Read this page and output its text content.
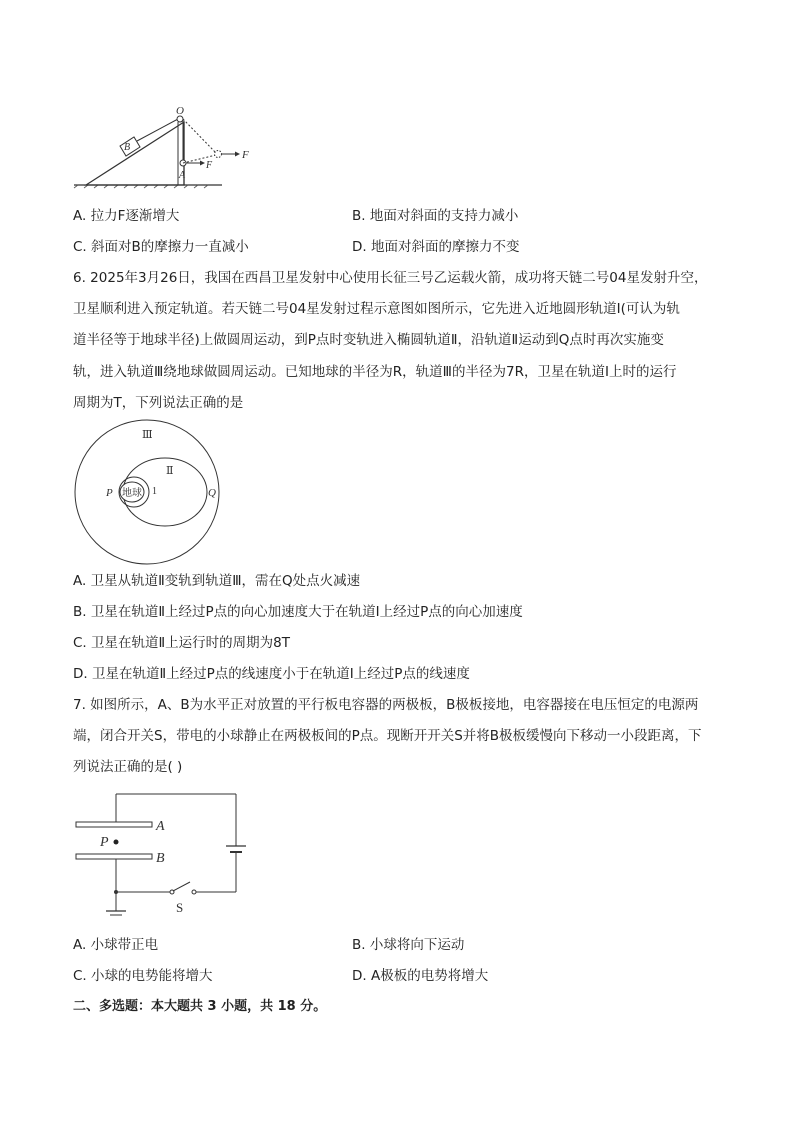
B
O
F
A
F
A. 拉力F逐渐增大	B. 地面对斜面的支持力减小
C. 斜面对B的摩擦力一直减小	D. 地面对斜面的摩擦力不变
6. 2025年3月26日，我国在西昌卫星发射中心使用长征三号乙运载火箭，成功将天链二号04星发射升空，
卫星顺利进入预定轨道。若天链二号04星发射过程示意图如图所示，它先进入近地圆形轨道Ⅰ(可认为轨
道半径等于地球半径)上做圆周运动，到P点时变轨进入椭圆轨道Ⅱ，沿轨道Ⅱ运动到Q点时再次实施变
轨，进入轨道Ⅲ绕地球做圆周运动。已知地球的半径为R，轨道Ⅲ的半径为7R，卫星在轨道Ⅰ上时的运行
周期为T，下列说法正确的是
地球
Ⅲ
Ⅱ
1
P	Q
A. 卫星从轨道Ⅱ变轨到轨道Ⅲ，需在Q处点火减速
B. 卫星在轨道Ⅱ上经过P点的向心加速度大于在轨道Ⅰ上经过P点的向心加速度
C. 卫星在轨道Ⅱ上运行时的周期为8T
D. 卫星在轨道Ⅱ上经过P点的线速度小于在轨道Ⅰ上经过P点的线速度
7. 如图所示，A、B为水平正对放置的平行板电容器的两极板，B极板接地，电容器接在电压恒定的电源两
端，闭合开关S，带电的小球静止在两极板间的P点。现断开开关S并将B极板缓慢向下移动一小段距离，下
列说法正确的是( )
A
B
P
S
A. 小球带正电	B. 小球将向下运动
C. 小球的电势能将增大	D. A极板的电势将增大
二、多选题：本大题共 3 小题，共 18 分。
